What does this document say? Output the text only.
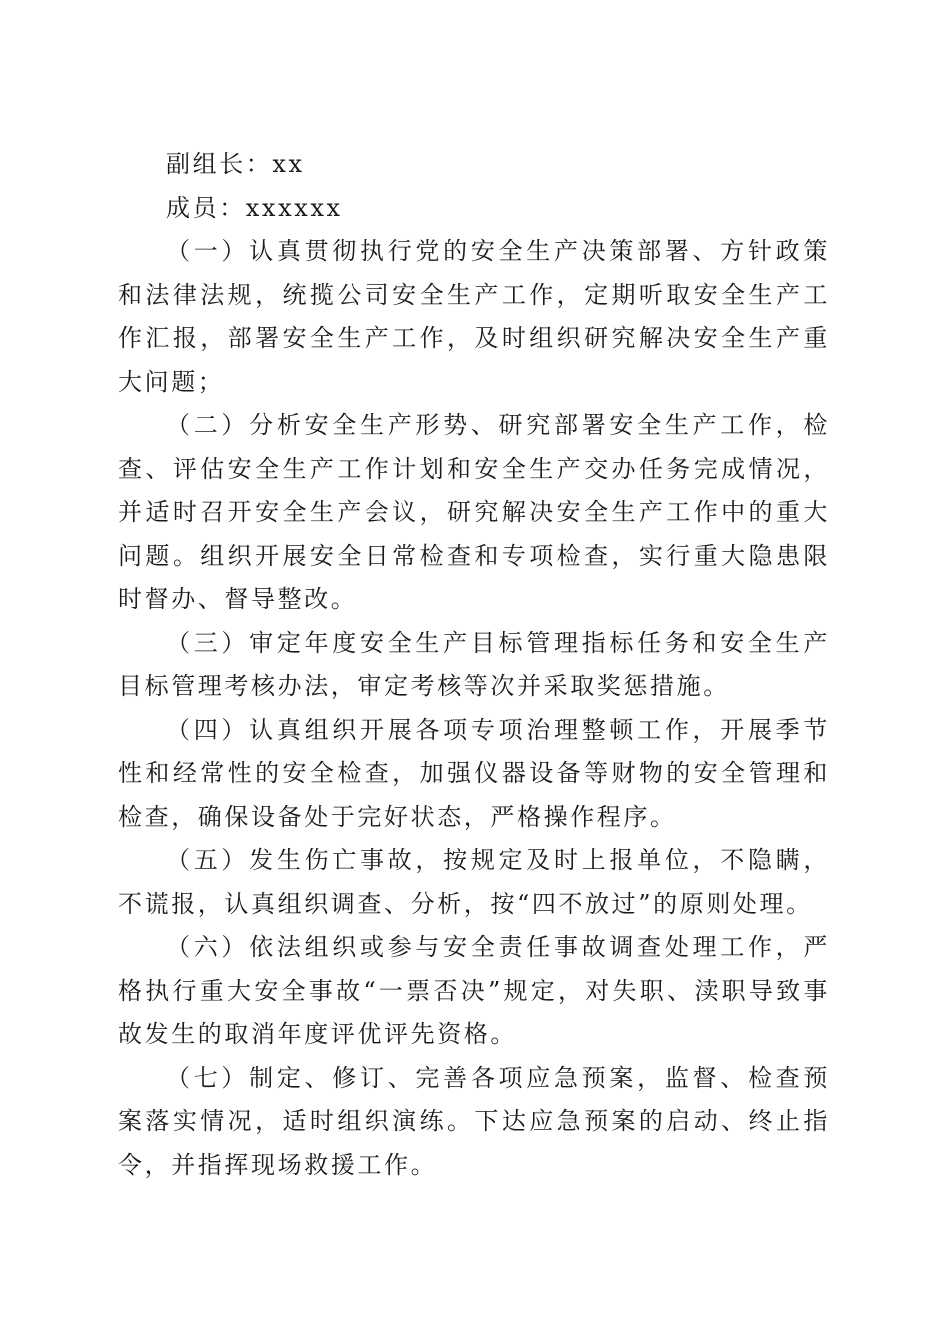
副组长：xx

成员：xxxxxx

（一）认真贯彻执行党的安全生产决策部署、方针政策和法律法规，统揽公司安全生产工作，定期听取安全生产工作汇报，部署安全生产工作，及时组织研究解决安全生产重大问题；

（二）分析安全生产形势、研究部署安全生产工作，检查、评估安全生产工作计划和安全生产交办任务完成情况，并适时召开安全生产会议，研究解决安全生产工作中的重大问题。组织开展安全日常检查和专项检查，实行重大隐患限时督办、督导整改。

（三）审定年度安全生产目标管理指标任务和安全生产目标管理考核办法，审定考核等次并采取奖惩措施。

（四）认真组织开展各项专项治理整顿工作，开展季节性和经常性的安全检查，加强仪器设备等财物的安全管理和检查，确保设备处于完好状态，严格操作程序。

（五）发生伤亡事故，按规定及时上报单位，不隐瞒，不谎报，认真组织调查、分析，按“四不放过”的原则处理。

（六）依法组织或参与安全责任事故调查处理工作，严格执行重大安全事故“一票否决”规定，对失职、渎职导致事故发生的取消年度评优评先资格。

（七）制定、修订、完善各项应急预案，监督、检查预案落实情况，适时组织演练。下达应急预案的启动、终止指令，并指挥现场救援工作。
